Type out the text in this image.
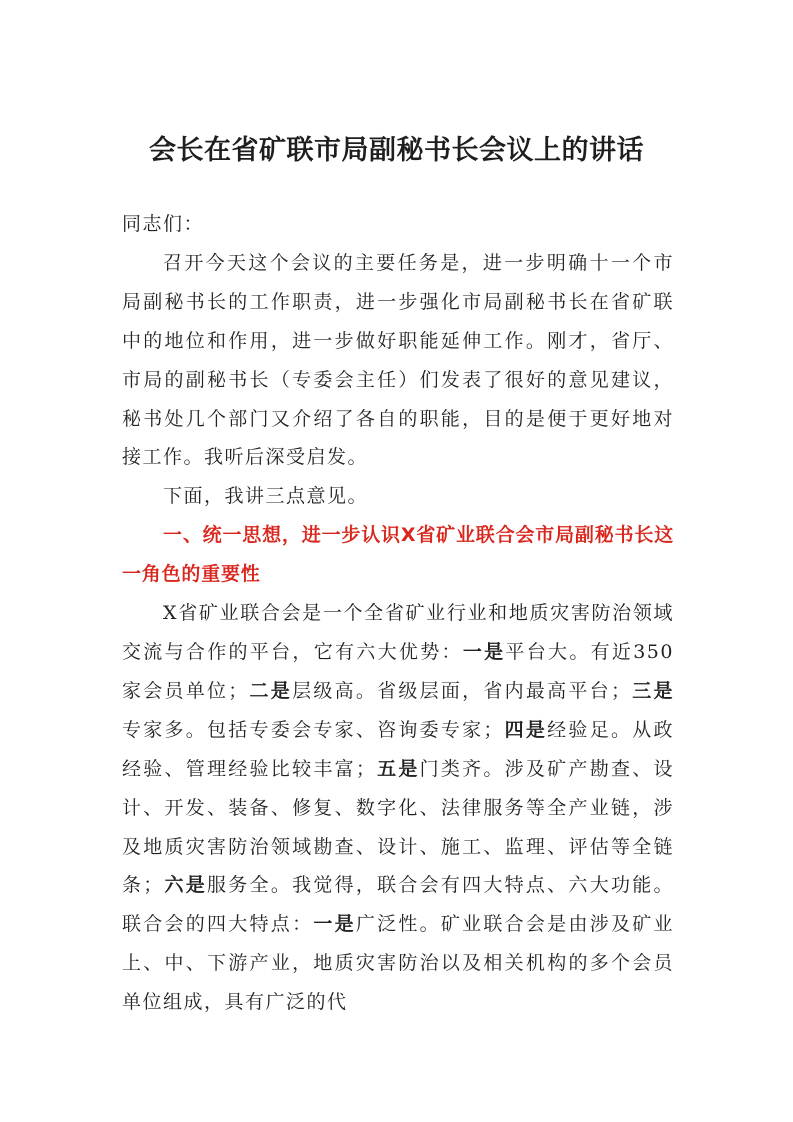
会长在省矿联市局副秘书长会议上的讲话

同志们：

召开今天这个会议的主要任务是，进一步明确十一个市局副秘书长的工作职责，进一步强化市局副秘书长在省矿联中的地位和作用，进一步做好职能延伸工作。刚才，省厅、市局的副秘书长（专委会主任）们发表了很好的意见建议，秘书处几个部门又介绍了各自的职能，目的是便于更好地对接工作。我听后深受启发。

下面，我讲三点意见。

一、统一思想，进一步认识X省矿业联合会市局副秘书长这一角色的重要性

X省矿业联合会是一个全省矿业行业和地质灾害防治领域交流与合作的平台，它有六大优势：一是平台大。有近350家会员单位；二是层级高。省级层面，省内最高平台；三是专家多。包括专委会专家、咨询委专家；四是经验足。从政经验、管理经验比较丰富；五是门类齐。涉及矿产勘查、设计、开发、装备、修复、数字化、法律服务等全产业链，涉及地质灾害防治领域勘查、设计、施工、监理、评估等全链条；六是服务全。我觉得，联合会有四大特点、六大功能。联合会的四大特点：一是广泛性。矿业联合会是由涉及矿业上、中、下游产业，地质灾害防治以及相关机构的多个会员单位组成，具有广泛的代
